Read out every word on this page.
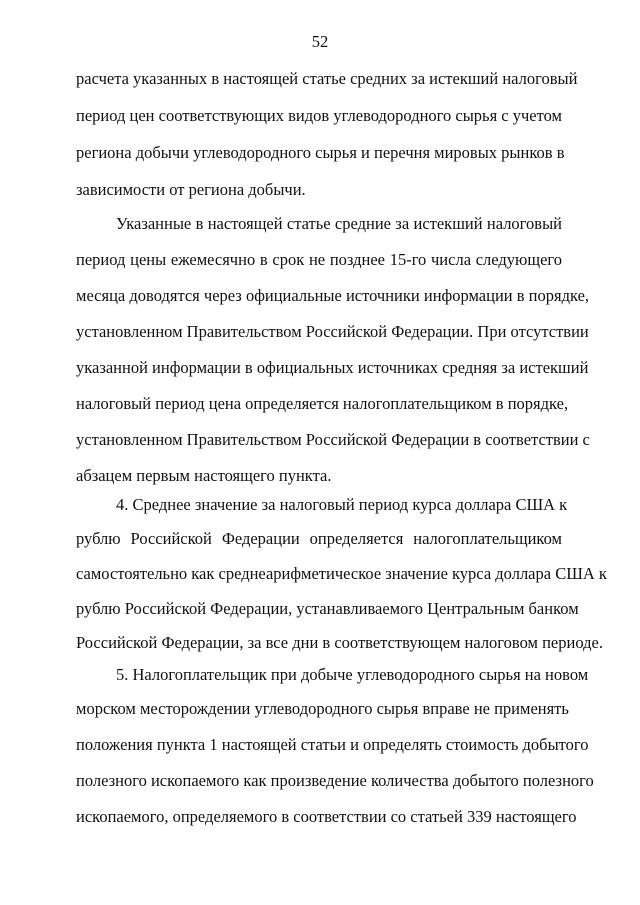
52
расчета указанных в настоящей статье средних за истекший налоговый
период цен соответствующих видов углеводородного сырья с учетом
региона добычи углеводородного сырья и перечня мировых рынков в
зависимости от региона добычи.
Указанные в настоящей статье средние за истекший налоговый
период цены ежемесячно в срок не позднее 15-го числа следующего
месяца доводятся через официальные источники информации в порядке,
установленном Правительством Российской Федерации. При отсутствии
указанной информации в официальных источниках средняя за истекший
налоговый период цена определяется налогоплательщиком в порядке,
установленном Правительством Российской Федерации в соответствии с
абзацем первым настоящего пункта.
4. Среднее значение за налоговый период курса доллара США к
рублю Российской Федерации определяется налогоплательщиком
самостоятельно как среднеарифметическое значение курса доллара США к
рублю Российской Федерации, устанавливаемого Центральным банком
Российской Федерации, за все дни в соответствующем налоговом периоде.
5. Налогоплательщик при добыче углеводородного сырья на новом
морском месторождении углеводородного сырья вправе не применять
положения пункта 1 настоящей статьи и определять стоимость добытого
полезного ископаемого как произведение количества добытого полезного
ископаемого, определяемого в соответствии со статьей 339 настоящего
